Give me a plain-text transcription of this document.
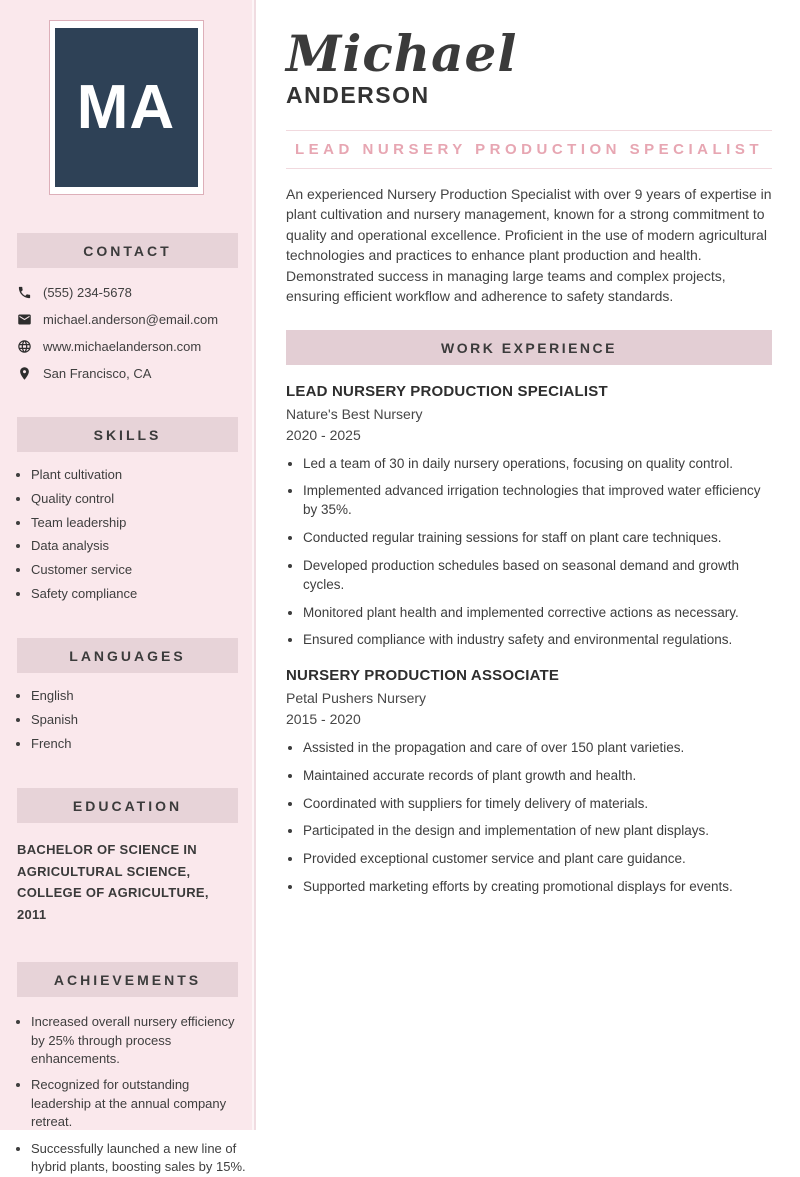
MA
CONTACT
(555) 234-5678
michael.anderson@email.com
www.michaelanderson.com
San Francisco, CA
SKILLS
• Plant cultivation
• Quality control
• Team leadership
• Data analysis
• Customer service
• Safety compliance
LANGUAGES
• English
• Spanish
• French
EDUCATION

BACHELOR OF SCIENCE IN AGRICULTURAL SCIENCE, COLLEGE OF AGRICULTURE, 2011

ACHIEVEMENTS
• Increased overall nursery efficiency by 25% through process enhancements.
• Recognized for outstanding leadership at the annual company retreat.
• Successfully launched a new line of hybrid plants, boosting sales by 15%.
Michael
ANDERSON
LEAD NURSERY PRODUCTION SPECIALIST

An experienced Nursery Production Specialist with over 9 years of expertise in plant cultivation and nursery management, known for a strong commitment to quality and operational excellence. Proficient in the use of modern agricultural technologies and practices to enhance plant production and health. Demonstrated success in managing large teams and complex projects, ensuring efficient workflow and adherence to safety standards.

WORK EXPERIENCE
LEAD NURSERY PRODUCTION SPECIALIST
Nature's Best Nursery
2020 - 2025
• Led a team of 30 in daily nursery operations, focusing on quality control.
• Implemented advanced irrigation technologies that improved water efficiency by 35%.
• Conducted regular training sessions for staff on plant care techniques.
• Developed production schedules based on seasonal demand and growth cycles.
• Monitored plant health and implemented corrective actions as necessary.
• Ensured compliance with industry safety and environmental regulations.
NURSERY PRODUCTION ASSOCIATE
Petal Pushers Nursery
2015 - 2020
• Assisted in the propagation and care of over 150 plant varieties.
• Maintained accurate records of plant growth and health.
• Coordinated with suppliers for timely delivery of materials.
• Participated in the design and implementation of new plant displays.
• Provided exceptional customer service and plant care guidance.
• Supported marketing efforts by creating promotional displays for events.
